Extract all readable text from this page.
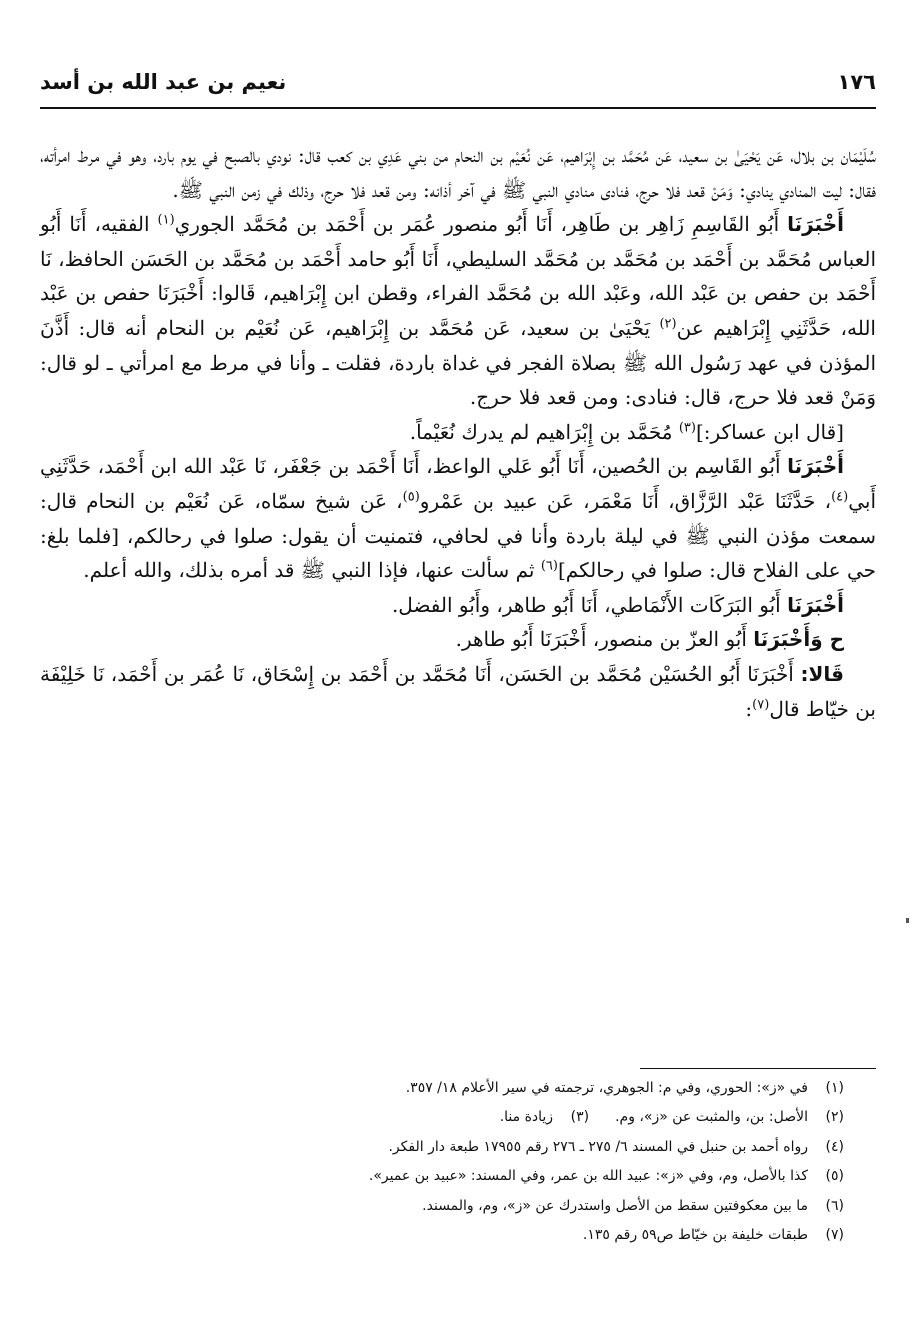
١٧٦
نعيم بن عبد الله بن أسد

سُلَيْمَان بن بلال، عَن يَحْيَىٰ بن سعيد، عَن مُحَمَّد بن إِبْرَاهيم، عَن نُعَيْم بن النحام من بني عَدِي بن كعب قال: نودي بالصبح في يوم بارد، وهو في مرط امرأته، فقال: ليت المنادي ينادي: وَمَنْ قعد فلا حرج، فنادى منادي النبي ﷺ في آخر أذانه: ومن قعد فلا حرج، وذلك في زمن النبي ﷺ.

أَخْبَرَنَا أَبُو القَاسِمِ زَاهِر بن طَاهِر، أَنَا أَبُو منصور عُمَر بن أَحْمَد بن مُحَمَّد الجوري$^{(١)}$ الفقيه، أَنَا أَبُو العباس مُحَمَّد بن أَحْمَد بن مُحَمَّد بن مُحَمَّد السليطي، أَنَا أَبُو حامد أَحْمَد بن مُحَمَّد بن الحَسَن الحافظ، نَا أَحْمَد بن حفص بن عَبْد الله، وعَبْد الله بن مُحَمَّد الفراء، وقطن ابن إِبْرَاهيم، قَالوا: أَخْبَرَنَا حفص بن عَبْد الله، حَدَّثَنِي إِبْرَاهيم عن$^{(٢)}$ يَحْيَىٰ بن سعيد، عَن مُحَمَّد بن إِبْرَاهيم، عَن نُعَيْم بن النحام أنه قال: أَذَّنَ المؤذن في عهد رَسُول الله ﷺ بصلاة الفجر في غداة باردة، فقلت ـ وأنا في مرط مع امرأتي ـ لو قال: وَمَنْ قعد فلا حرج، قال: فنادى: ومن قعد فلا حرج.

[قال ابن عساكر:]$^{(٣)}$ مُحَمَّد بن إِبْرَاهيم لم يدرك نُعَيْماً.

أَخْبَرَنَا أَبُو القَاسِم بن الحُصين، أَنَا أَبُو عَلي الواعظ، أَنَا أَحْمَد بن جَعْفَر، نَا عَبْد الله ابن أَحْمَد، حَدَّثَنِي أَبي$^{(٤)}$، حَدَّثَنَا عَبْد الرَّزَّاق، أَنَا مَعْمَر، عَن عبيد بن عَمْرو$^{(٥)}$، عَن شيخ سمّاه، عَن نُعَيْم بن النحام قال: سمعت مؤذن النبي ﷺ في ليلة باردة وأنا في لحافي، فتمنيت أن يقول: صلوا في رحالكم، [فلما بلغ: حي على الفلاح قال: صلوا في رحالكم]$^{(٦)}$ ثم سألت عنها، فإذا النبي ﷺ قد أمره بذلك، والله أعلم.

أَخْبَرَنَا أَبُو البَرَكَات الأَنْمَاطي، أَنَا أَبُو طاهر، وأَبُو الفضل.

ح وَأَخْبَرَنَا أَبُو العزّ بن منصور، أَخْبَرَنَا أَبُو طاهر.

قَالا: أَخْبَرَنَا أَبُو الحُسَيْن مُحَمَّد بن الحَسَن، أَنَا مُحَمَّد بن أَحْمَد بن إِسْحَاق، نَا عُمَر بن أَحْمَد، نَا خَلِيْفَة بن خيّاط قال$^{(٧)}$:

(١)في «ز»: الحوري، وفي م: الجوهري، ترجمته في سير الأعلام ١٨/ ٣٥٧.
(٢)الأصل: بن، والمثبت عن «ز»، وم.(٣)زيادة منا.
(٤)رواه أحمد بن حنبل في المسند ٦/ ٢٧٥ ـ ٢٧٦ رقم ١٧٩٥٥ طبعة دار الفكر.
(٥)كذا بالأصل، وم، وفي «ز»: عبيد الله بن عمر، وفي المسند: «عبيد بن عمير».
(٦)ما بين معكوفتين سقط من الأصل واستدرك عن «ز»، وم، والمسند.
(٧)طبقات خليفة بن خيّاط ص٥٩ رقم ١٣٥.
